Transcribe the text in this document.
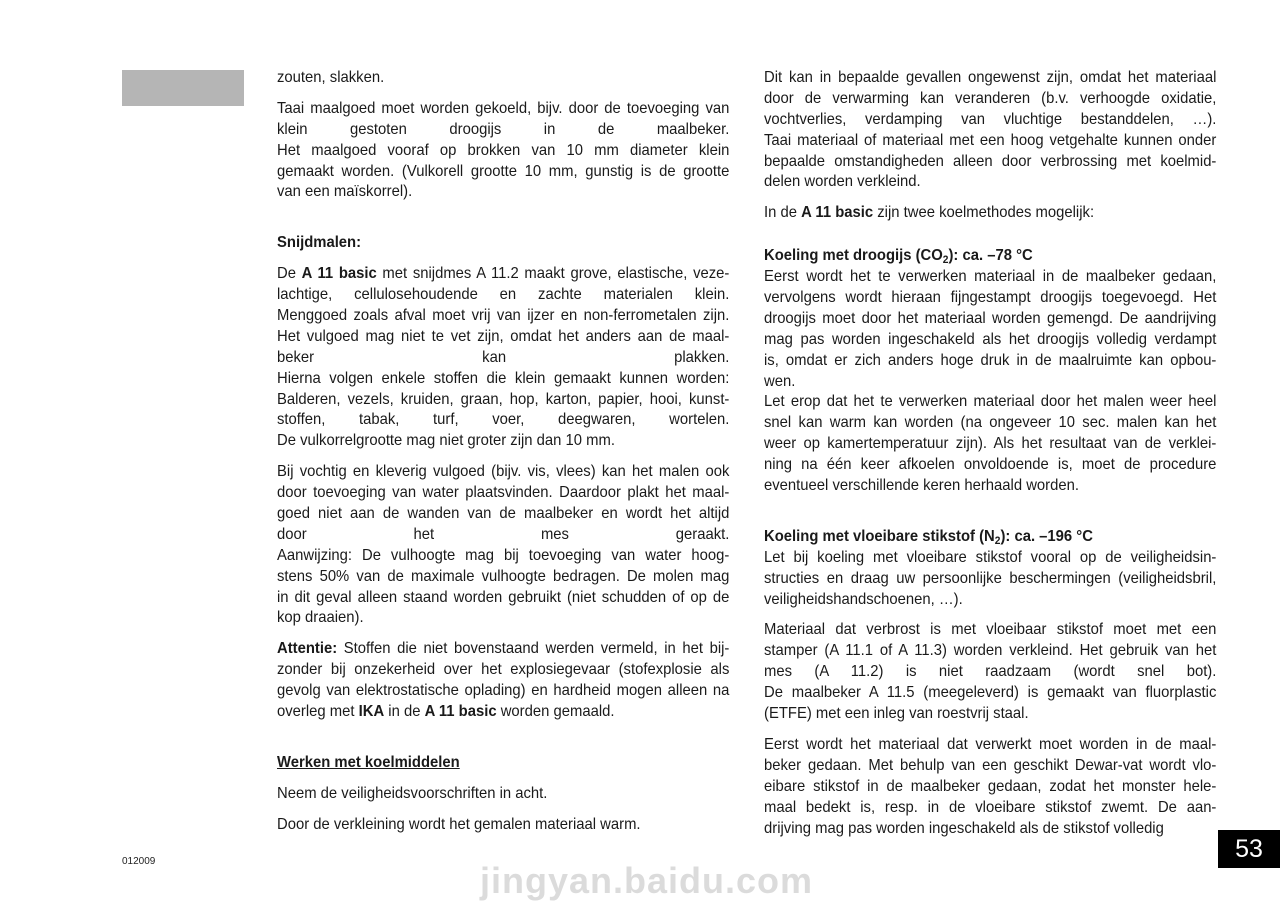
zouten, slakken.
Taai maalgoed moet worden gekoeld, bijv. door de toevoeging van
klein gestoten droogijs in de maalbeker.
Het maalgoed vooraf op brokken van 10 mm diameter klein
gemaakt worden. (Vulkorell grootte 10 mm, gunstig is de grootte
van een maïskorrel).
Snijdmalen:
De A 11 basic met snijdmes A 11.2 maakt grove, elastische, veze-
lachtige, cellulosehoudende en zachte materialen klein.
Menggoed zoals afval moet vrij van ijzer en non-ferrometalen zijn.
Het vulgoed mag niet te vet zijn, omdat het anders aan de maal-
beker kan plakken.
Hierna volgen enkele stoffen die klein gemaakt kunnen worden:
Balderen, vezels, kruiden, graan, hop, karton, papier, hooi, kunst-
stoffen, tabak, turf, voer, deegwaren, wortelen.
De vulkorrelgrootte mag niet groter zijn dan 10 mm.
Bij vochtig en kleverig vulgoed (bijv. vis, vlees) kan het malen ook
door toevoeging van water plaatsvinden. Daardoor plakt het maal-
goed niet aan de wanden van de maalbeker en wordt het altijd
door het mes geraakt.
Aanwijzing: De vulhoogte mag bij toevoeging van water hoog-
stens 50% van de maximale vulhoogte bedragen. De molen mag
in dit geval alleen staand worden gebruikt (niet schudden of op de
kop draaien).
Attentie: Stoffen die niet bovenstaand werden vermeld, in het bij-
zonder bij onzekerheid over het explosiegevaar (stofexplosie als
gevolg van elektrostatische oplading) en hardheid mogen alleen na
overleg met IKA in de A 11 basic worden gemaald.
Werken met koelmiddelen
Neem de veiligheidsvoorschriften in acht.
Door de verkleining wordt het gemalen materiaal warm.
Dit kan in bepaalde gevallen ongewenst zijn, omdat het materiaal
door de verwarming kan veranderen (b.v. verhoogde oxidatie,
vochtverlies, verdamping van vluchtige bestanddelen, …).
Taai materiaal of materiaal met een hoog vetgehalte kunnen onder
bepaalde omstandigheden alleen door verbrossing met koelmid-
delen worden verkleind.
In de A 11 basic zijn twee koelmethodes mogelijk:
Koeling met droogijs $(CO_2)$: ca. –78 °C
Eerst wordt het te verwerken materiaal in de maalbeker gedaan,
vervolgens wordt hieraan fijngestampt droogijs toegevoegd. Het
droogijs moet door het materiaal worden gemengd. De aandrijving
mag pas worden ingeschakeld als het droogijs volledig verdampt
is, omdat er zich anders hoge druk in de maalruimte kan opbou-
wen.
Let erop dat het te verwerken materiaal door het malen weer heel
snel kan warm kan worden (na ongeveer 10 sec. malen kan het
weer op kamertemperatuur zijn). Als het resultaat van de verklei-
ning na één keer afkoelen onvoldoende is, moet de procedure
eventueel verschillende keren herhaald worden.
Koeling met vloeibare stikstof $(N_2)$: ca. –196 °C
Let bij koeling met vloeibare stikstof vooral op de veiligheidsin-
structies en draag uw persoonlijke beschermingen (veiligheidsbril,
veiligheidshandschoenen, …).
Materiaal dat verbrost is met vloeibaar stikstof moet met een
stamper (A 11.1 of A 11.3) worden verkleind. Het gebruik van het
mes (A 11.2) is niet raadzaam (wordt snel bot).
De maalbeker A 11.5 (meegeleverd) is gemaakt van fluorplastic
(ETFE) met een inleg van roestvrij staal.
Eerst wordt het materiaal dat verwerkt moet worden in de maal-
beker gedaan. Met behulp van een geschikt Dewar-vat wordt vlo-
eibare stikstof in de maalbeker gedaan, zodat het monster hele-
maal bedekt is, resp. in de vloeibare stikstof zwemt. De aan-
drijving mag pas worden ingeschakeld als de stikstof volledig
012009	53
jingyan.baidu.com
